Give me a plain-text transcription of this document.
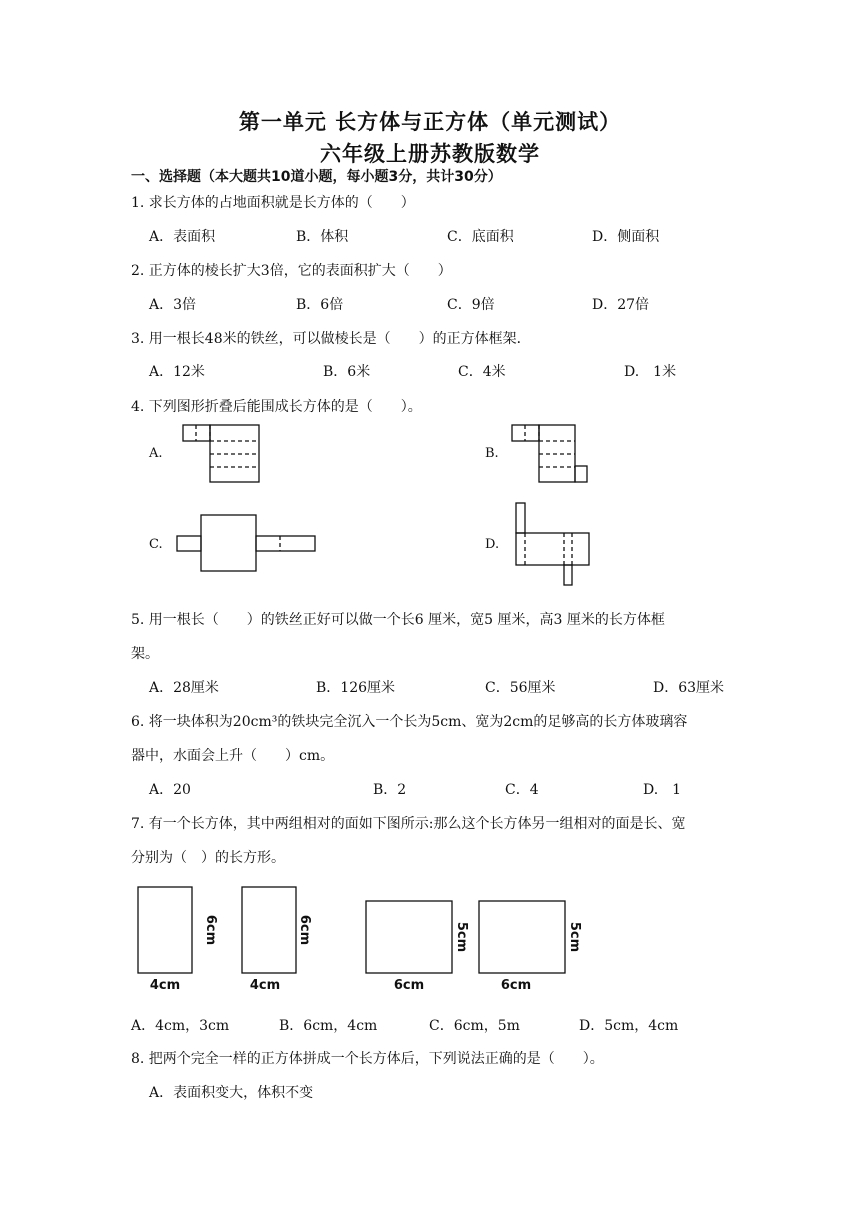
第一单元 长方体与正方体（单元测试）
六年级上册苏教版数学
一、选择题（本大题共10道小题，每小题3分，共计30分）
1. 求长方体的占地面积就是长方体的（　　）
A．表面积	B．体积	C．底面积	D．侧面积
2. 正方体的棱长扩大3倍，它的表面积扩大（　　）
A．3倍	B．6倍	C．9倍	D．27倍
3. 用一根长48米的铁丝，可以做棱长是（　　）的正方体框架．
A．12米	B．6米	C．4米	D.　1米
4. 下列图形折叠后能围成长方体的是（　　）。
A.	B.
C.	D.
5. 用一根长（　　）的铁丝正好可以做一个长6 厘米，宽5 厘米，高3 厘米的长方体框
架。
A．28厘米	B．126厘米	C．56厘米	D．63厘米
6. 将一块体积为20cm³的铁块完全沉入一个长为5cm、宽为2cm的足够高的长方体玻璃容
器中，水面会上升（　　）cm。
A．20	B．2	C．4	D.　1
7. 有一个长方体，其中两组相对的面如下图所示:那么这个长方体另一组相对的面是长、宽
分别为（　）的长方形。
4cm
6cm
4cm
6cm
6cm
5cm
6cm
5cm
A．4cm，3cm	B．6cm，4cm	C．6cm，5m	D．5cm，4cm
8. 把两个完全一样的正方体拼成一个长方体后，下列说法正确的是（　　）。
A．表面积变大，体积不变
